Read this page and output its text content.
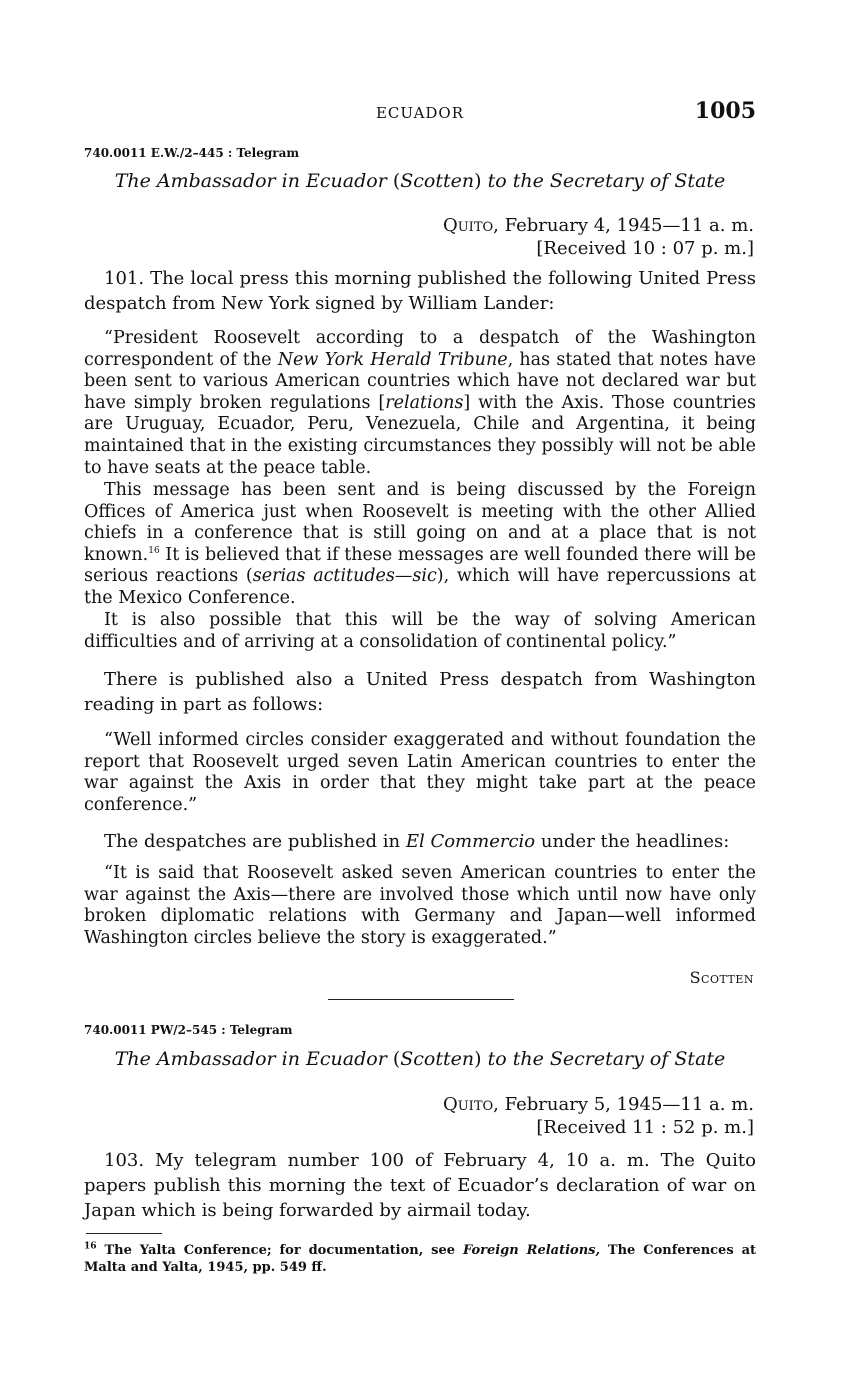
ECUADOR	1005
740.0011 E.W./2–445 : Telegram
The Ambassador in Ecuador (Scotten) to the Secretary of State
Quito, February 4, 1945—11 a. m.
[Received 10 : 07 p. m.]
101. The local press this morning published the following United Press despatch from New York signed by William Lander:
“President Roosevelt according to a despatch of the Washington correspondent of the New York Herald Tribune, has stated that notes have been sent to various American countries which have not declared war but have simply broken regulations [relations] with the Axis. Those countries are Uruguay, Ecuador, Peru, Venezuela, Chile and Argentina, it being maintained that in the existing circumstances they possibly will not be able to have seats at the peace table.
This message has been sent and is being discussed by the Foreign Offices of America just when Roosevelt is meeting with the other Allied chiefs in a conference that is still going on and at a place that is not known.$^{16}$ It is believed that if these messages are well founded there will be serious reactions (serias actitudes—sic), which will have repercussions at the Mexico Conference.
It is also possible that this will be the way of solving American difficulties and of arriving at a consolidation of continental policy.”
There is published also a United Press despatch from Washington reading in part as follows:
“Well informed circles consider exaggerated and without foundation the report that Roosevelt urged seven Latin American countries to enter the war against the Axis in order that they might take part at the peace conference.”
The despatches are published in El Commercio under the headlines:
“It is said that Roosevelt asked seven American countries to enter the war against the Axis—there are involved those which until now have only broken diplomatic relations with Germany and Japan—well informed Washington circles believe the story is exaggerated.”
Scotten
740.0011 PW/2–545 : Telegram
The Ambassador in Ecuador (Scotten) to the Secretary of State
Quito, February 5, 1945—11 a. m.
[Received 11 : 52 p. m.]
103. My telegram number 100 of February 4, 10 a. m. The Quito papers publish this morning the text of Ecuador’s declaration of war on Japan which is being forwarded by airmail today.
$^{16}$ The Yalta Conference; for documentation, see Foreign Relations, The Conferences at Malta and Yalta, 1945, pp. 549 ff.
